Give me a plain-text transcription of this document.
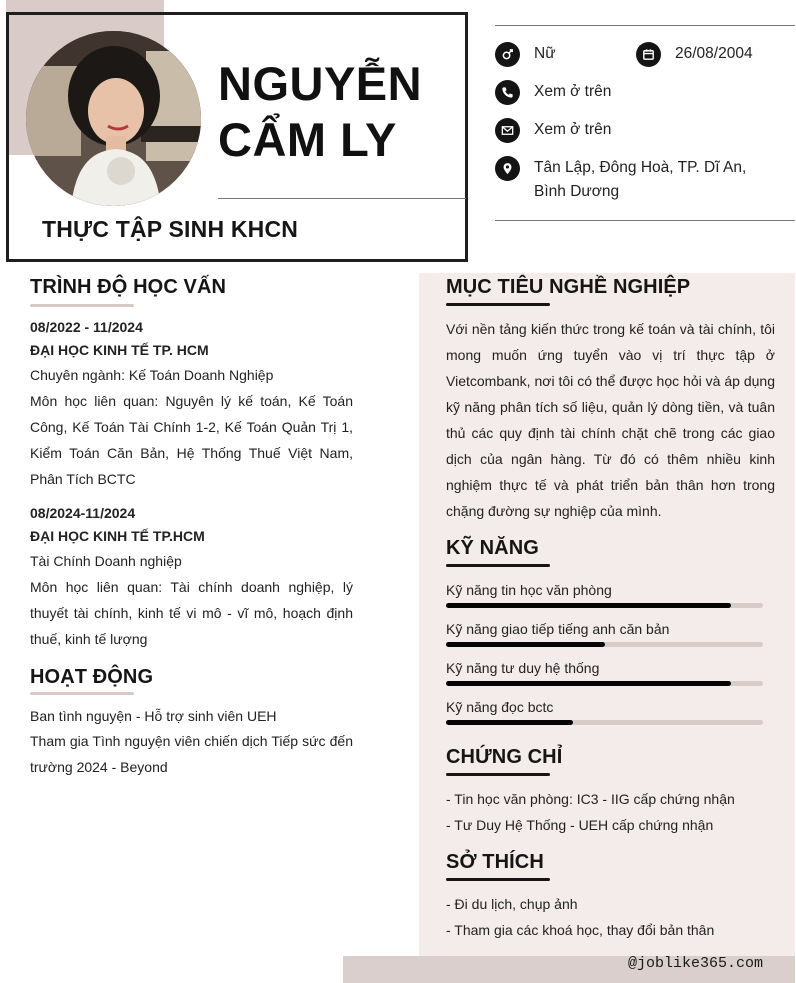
NGUYỄN
CẨM LY
THỰC TẬP SINH KHCN
Nữ	26/08/2004
Xem ở trên
Xem ở trên
Tân Lập, Đông Hoà, TP. Dĩ An,
Bình Dương
TRÌNH ĐỘ HỌC VẤN
08/2022 - 11/2024
ĐẠI HỌC KINH TẾ TP. HCM
Chuyên ngành: Kế Toán Doanh Nghiệp
Môn học liên quan: Nguyên lý kế toán, Kế Toán Công, Kế Toán Tài Chính 1-2, Kế Toán Quản Trị 1, Kiểm Toán Căn Bản, Hệ Thống Thuế Việt Nam, Phân Tích BCTC
08/2024-11/2024
ĐẠI HỌC KINH TẾ TP.HCM
Tài Chính Doanh nghiệp
Môn học liên quan: Tài chính doanh nghiệp, lý thuyết tài chính, kinh tế vi mô - vĩ mô, hoạch định thuế, kinh tế lượng
HOẠT ĐỘNG
Ban tình nguyện - Hỗ trợ sinh viên UEH
Tham gia Tình nguyện viên chiến dịch Tiếp sức đến trường 2024 - Beyond
MỤC TIÊU NGHỀ NGHIỆP
Với nền tảng kiến thức trong kế toán và tài chính, tôi mong muốn ứng tuyển vào vị trí thực tập ở Vietcombank, nơi tôi có thể được học hỏi và áp dụng kỹ năng phân tích số liệu, quản lý dòng tiền, và tuân thủ các quy định tài chính chặt chẽ trong các giao dịch của ngân hàng. Từ đó có thêm nhiều kinh nghiệm thực tế và phát triển bản thân hơn trong chặng đường sự nghiệp của mình.
KỸ NĂNG
Kỹ năng tin học văn phòng
Kỹ năng giao tiếp tiếng anh căn bản
Kỹ năng tư duy hệ thống
Kỹ năng đọc bctc
CHỨNG CHỈ
- Tin học văn phòng: IC3 - IIG cấp chứng nhận
- Tư Duy Hệ Thống - UEH cấp chứng nhận
SỞ THÍCH
- Đi du lịch, chụp ảnh
- Tham gia các khoá học, thay đổi bản thân
@joblike365.com
